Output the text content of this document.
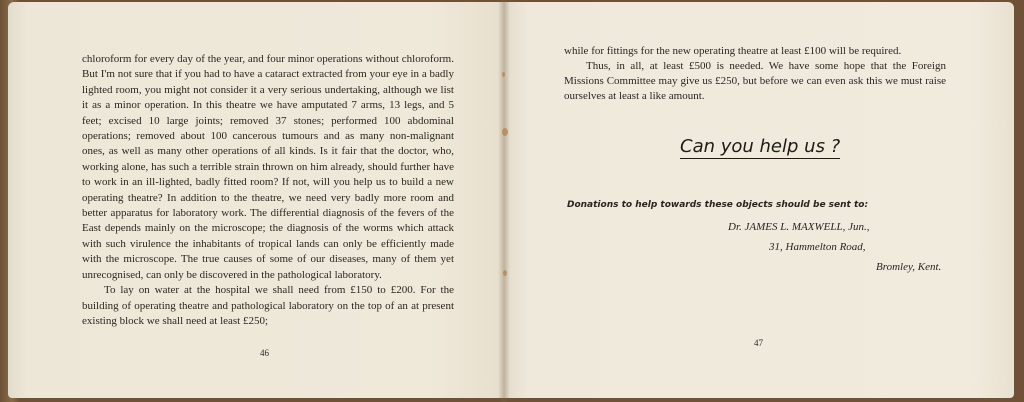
chloroform for every day of the year, and four minor operations without chloroform. But I'm not sure that if you had to have a cataract extracted from your eye in a badly lighted room, you might not consider it a very serious undertaking, although we list it as a minor operation. In this theatre we have amputated 7 arms, 13 legs, and 5 feet; excised 10 large joints; removed 37 stones; performed 100 abdominal operations; removed about 100 cancerous tumours and as many non-malignant ones, as well as many other operations of all kinds. Is it fair that the doctor, who, working alone, has such a terrible strain thrown on him already, should further have to work in an ill-lighted, badly fitted room? If not, will you help us to build a new operating theatre? In addition to the theatre, we need very badly more room and better apparatus for laboratory work. The differential diagnosis of the fevers of the East depends mainly on the microscope; the diagnosis of the worms which attack with such virulence the inhabitants of tropical lands can only be efficiently made with the microscope. The true causes of some of our diseases, many of them yet unrecognised, can only be discovered in the pathological laboratory.

To lay on water at the hospital we shall need from £150 to £200. For the building of operating theatre and pathological laboratory on the top of an at present existing block we shall need at least £250;

46

while for fittings for the new operating theatre at least £100 will be required.

Thus, in all, at least £500 is needed. We have some hope that the Foreign Missions Committee may give us £250, but before we can even ask this we must raise ourselves at least a like amount.

Can you help us ?
Donations to help towards these objects should be sent to:
Dr. JAMES L. MAXWELL, Jun.,
31, Hammelton Road,
Bromley, Kent.
47
